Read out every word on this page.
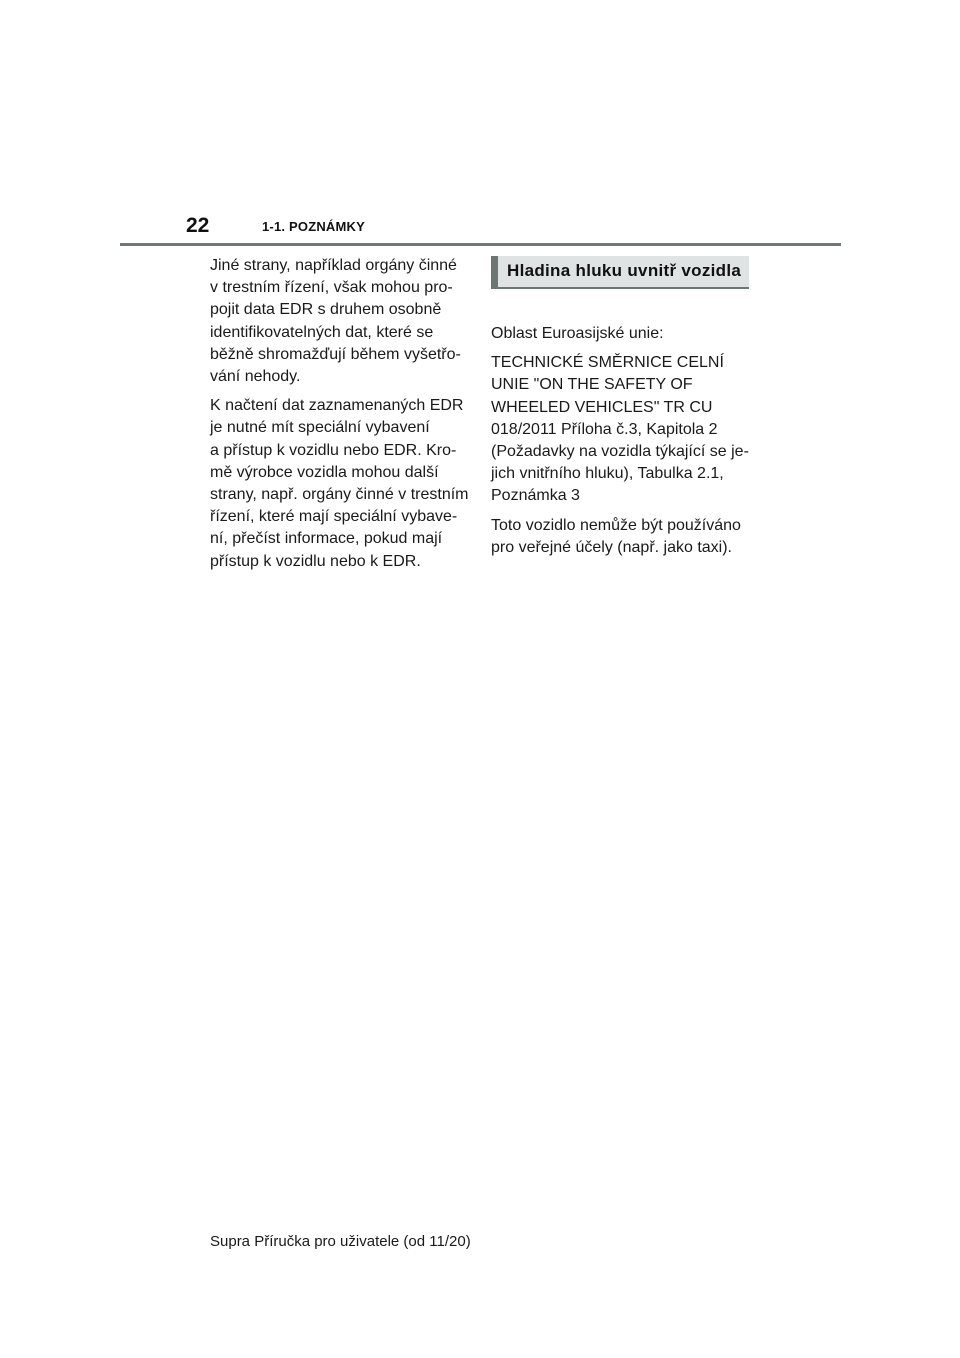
22	1-1. POZNÁMKY

Jiné strany, například orgány činné
v trestním řízení, však mohou pro-
pojit data EDR s druhem osobně
identifikovatelných dat, které se
běžně shromažďují během vyšetřo-
vání nehody.

K načtení dat zaznamenaných EDR
je nutné mít speciální vybavení
a přístup k vozidlu nebo EDR. Kro-
mě výrobce vozidla mohou další
strany, např. orgány činné v trestním
řízení, které mají speciální vybave-
ní, přečíst informace, pokud mají
přístup k vozidlu nebo k EDR.

Hladina hluku uvnitř vozidla

Oblast Euroasijské unie:

TECHNICKÉ SMĚRNICE CELNÍ
UNIE "ON THE SAFETY OF
WHEELED VEHICLES" TR CU
018/2011 Příloha č.3, Kapitola 2
(Požadavky na vozidla týkající se je-
jich vnitřního hluku), Tabulka 2.1,
Poznámka 3

Toto vozidlo nemůže být používáno
pro veřejné účely (např. jako taxi).

Supra Příručka pro uživatele (od 11/20)
